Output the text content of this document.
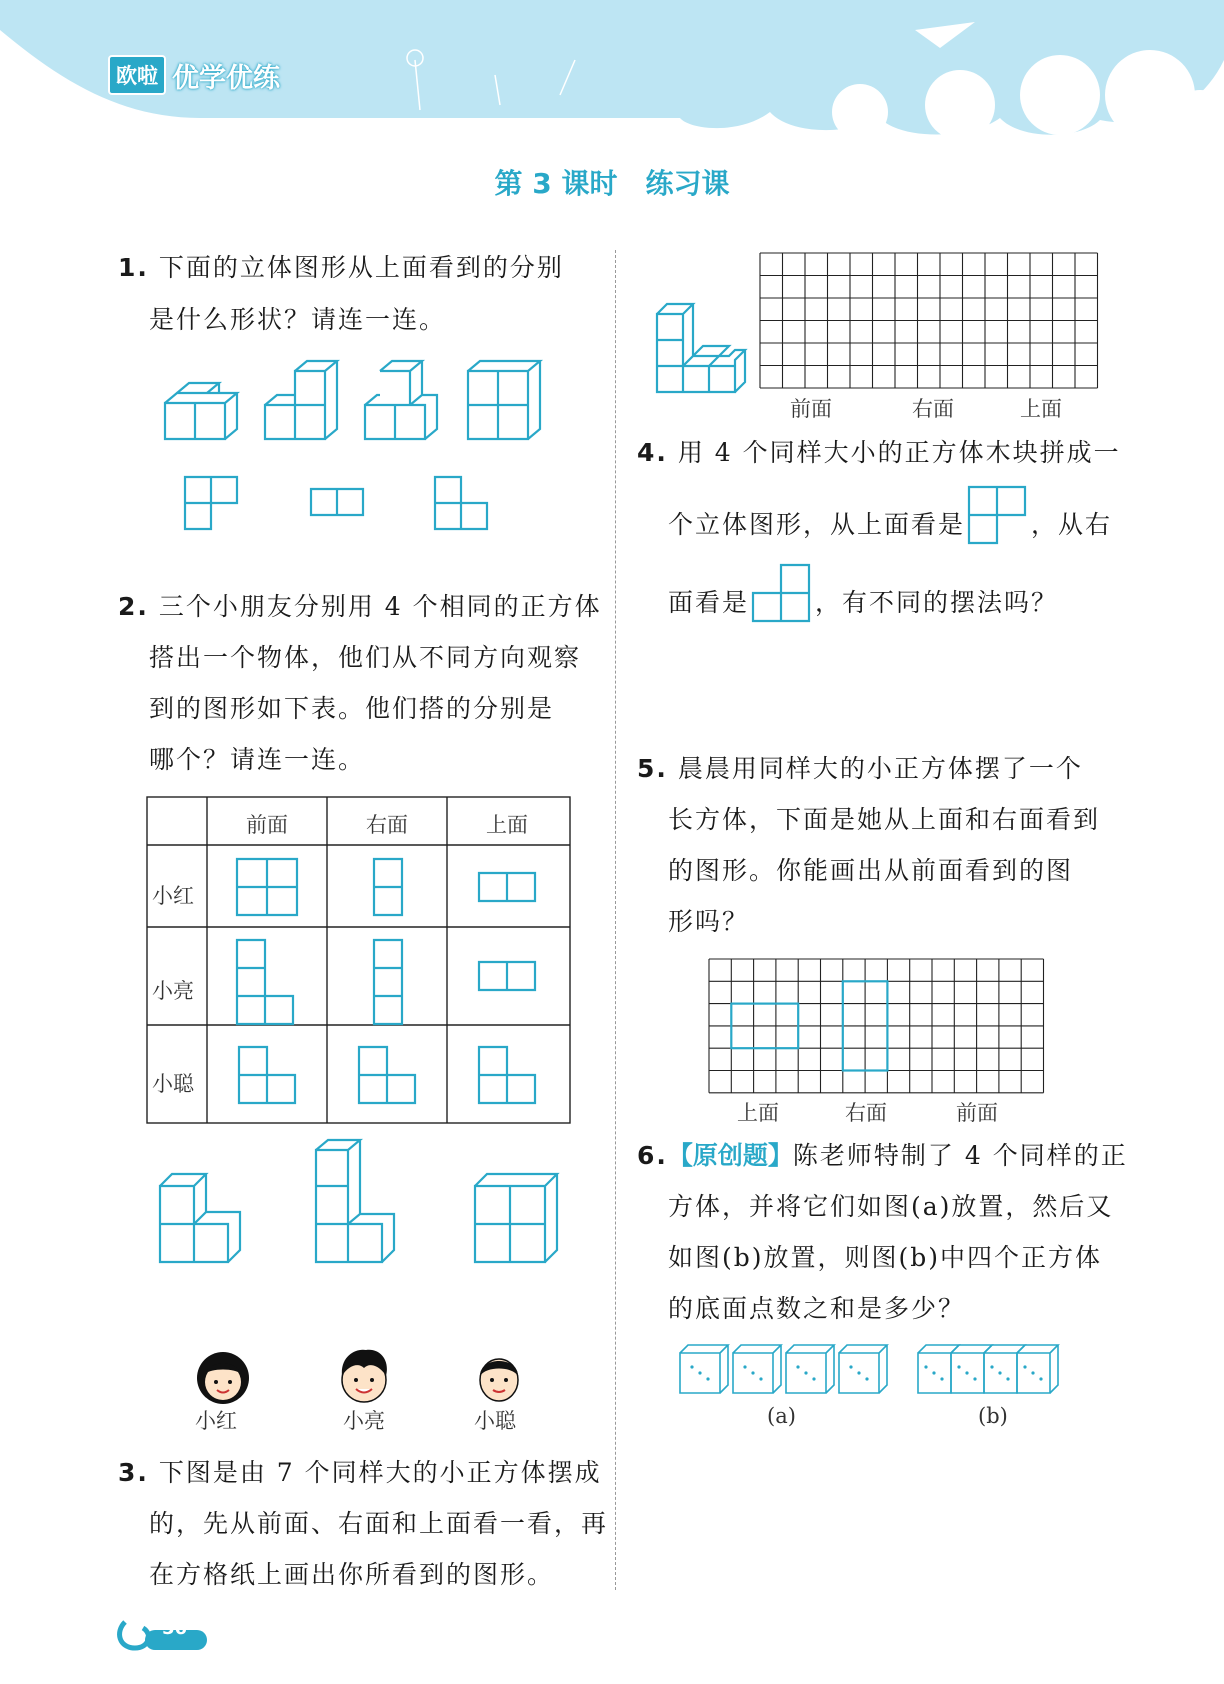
欧啦 优学优练
第 3 课时　练习课
1. 下面的立体图形从上面看到的分别
是什么形状？请连一连。
2. 三个小朋友分别用 4 个相同的正方体
搭出一个物体，他们从不同方向观察
到的图形如下表。他们搭的分别是
哪个？请连一连。
前面	右面	上面
小红
小亮
小聪
小红	小亮	小聪
3. 下图是由 7 个同样大的小正方体摆成
的，先从前面、右面和上面看一看，再
在方格纸上画出你所看到的图形。
前面	右面	上面
4. 用 4 个同样大小的正方体木块拼成一
个立体图形，从上面看是	，从右
面看是	，有不同的摆法吗？
5. 晨晨用同样大的小正方体摆了一个
长方体，下面是她从上面和右面看到
的图形。你能画出从前面看到的图
形吗？
上面	右面	前面
6.【原创题】陈老师特制了 4 个同样的正
方体，并将它们如图(a)放置，然后又
如图(b)放置，则图(b)中四个正方体
的底面点数之和是多少？
(a)	(b)
56
